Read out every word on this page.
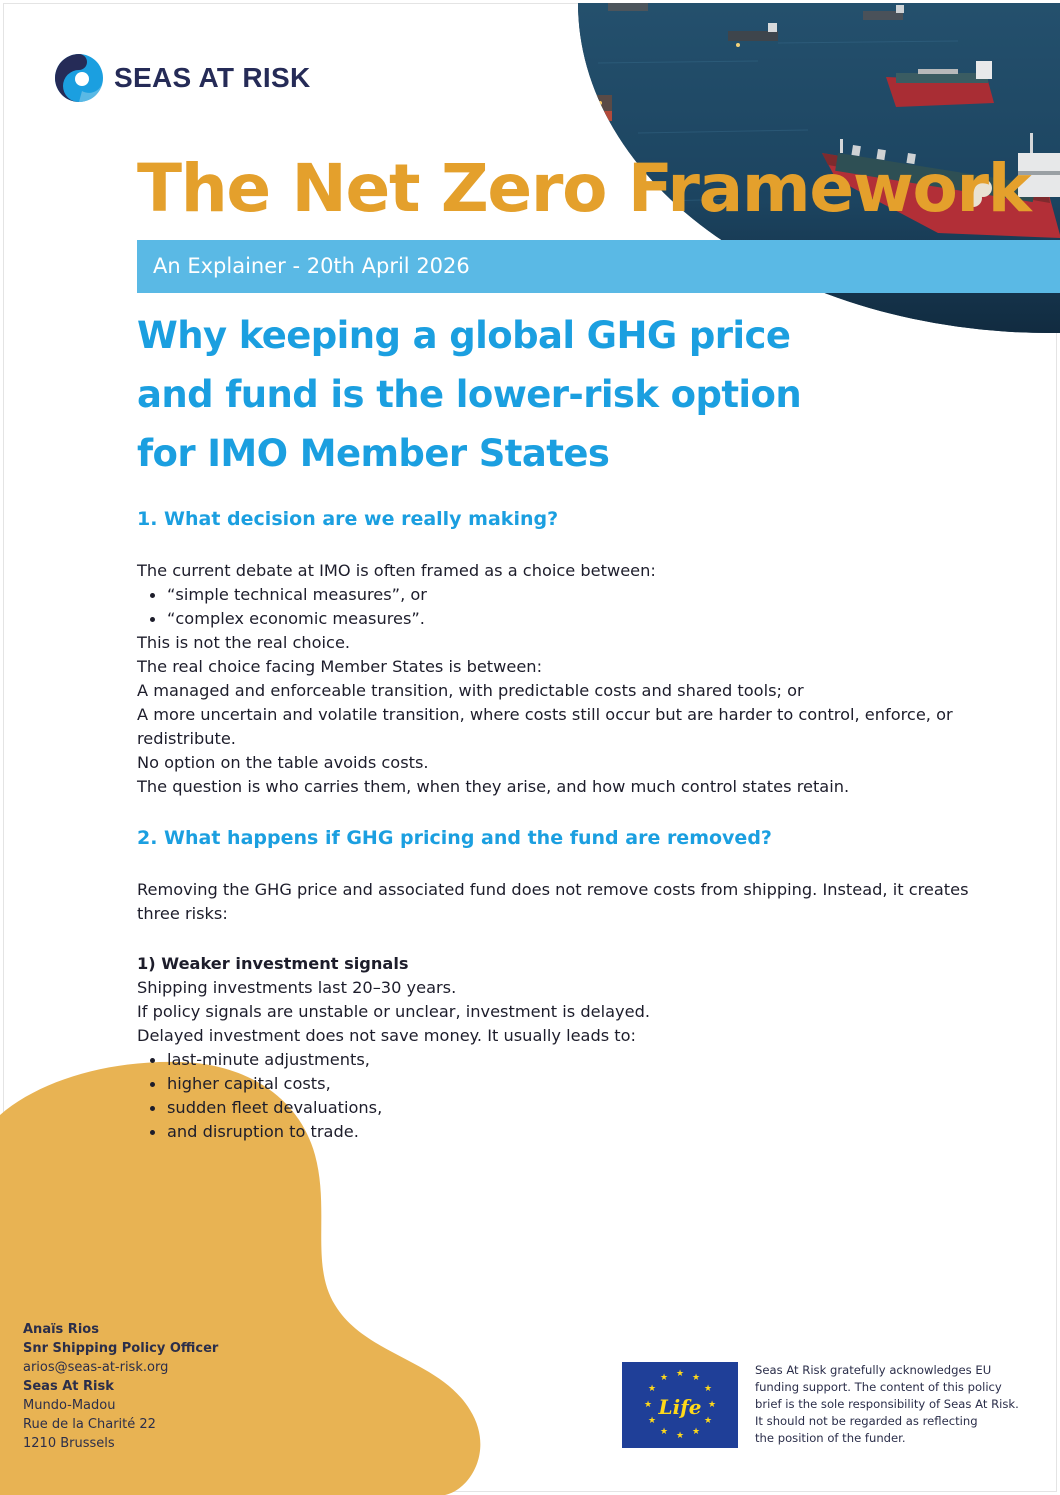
SEAS AT RISK
The Net Zero Framework
An Explainer - 20th April 2026
Why keeping a global GHG price
and fund is the lower-risk option
for IMO Member States
1. What decision are we really making?

The current debate at IMO is often framed as a choice between:

“simple technical measures”, or
“complex economic measures”.

This is not the real choice.

The real choice facing Member States is between:

A managed and enforceable transition, with predictable costs and shared tools; or

A more uncertain and volatile transition, where costs still occur but are harder to control, enforce, or redistribute.

No option on the table avoids costs.

The question is who carries them, when they arise, and how much control states retain.

2. What happens if GHG pricing and the fund are removed?

Removing the GHG price and associated fund does not remove costs from shipping. Instead, it creates three risks:

1) Weaker investment signals

Shipping investments last 20–30 years.

If policy signals are unstable or unclear, investment is delayed.

Delayed investment does not save money. It usually leads to:

last-minute adjustments,
higher capital costs,
sudden fleet devaluations,
and disruption to trade.
Anaïs Rios
Snr Shipping Policy Officer
arios@seas-at-risk.org
Seas At Risk
Mundo-Madou
Rue de la Charité 22
1210 Brussels
★ ★
★
★
★
★
★
★
★
★
★
★
Life
Seas At Risk gratefully acknowledges EU
funding support. The content of this policy
brief is the sole responsibility of Seas At Risk.
It should not be regarded as reflecting
the position of the funder.
